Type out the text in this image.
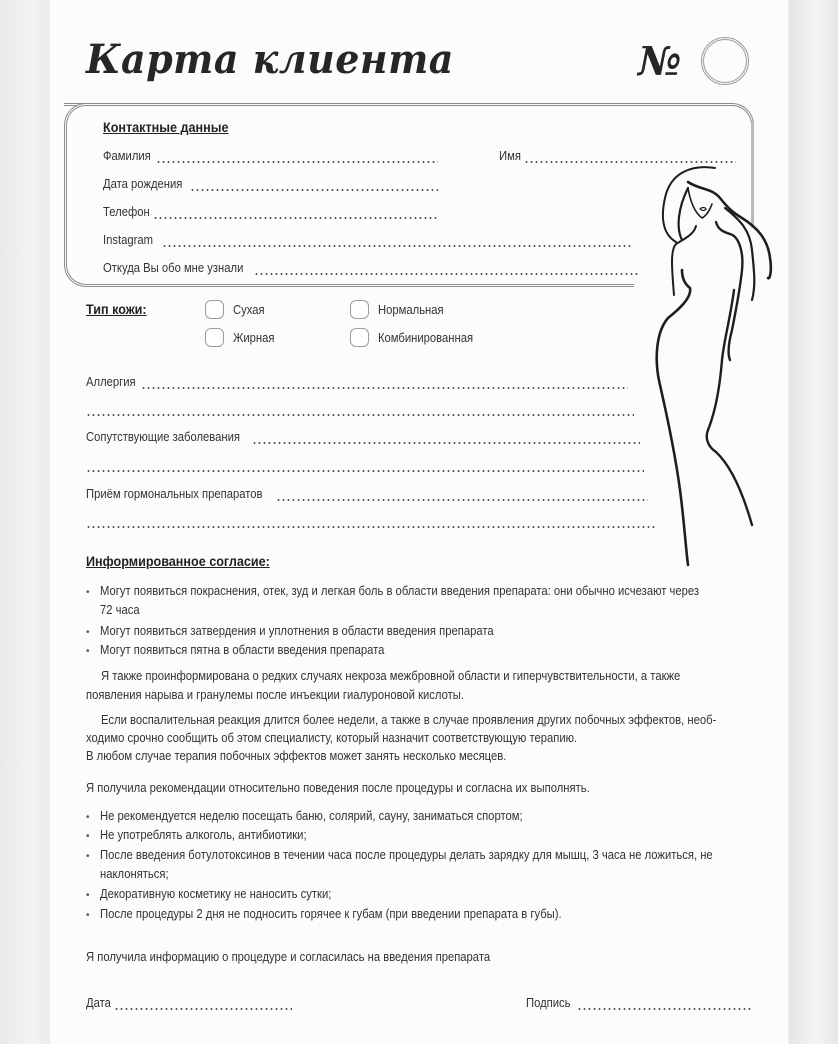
Карта клиента	№
Контактные данные
Фамилия	Имя
Дата рождения
Телефон
Instagram
Откуда Вы обо мне узнали
Тип кожи:	Сухая	Нормальная
Жирная	Комбинированная
Аллергия
Сопутствующие заболевания
Приём гормональных препаратов
Информированное согласие:
• Могут появиться покраснения, отек, зуд и легкая боль в области введения препарата: они обычно исчезают через
72 часа
• Могут появиться затвердения и уплотнения в области введения препарата
• Могут появиться пятна в области введения препарата
Я также проинформирована о редких случаях некроза межбровной области и гиперчувствительности, а также
появления нарыва и гранулемы после инъекции гиалуроновой кислоты.
Если воспалительная реакция длится более недели, а также в случае проявления других побочных эффектов, необ-
ходимо срочно сообщить об этом специалисту, который назначит соответствующую терапию.
В любом случае терапия побочных эффектов может занять несколько месяцев.
Я получила рекомендации относительно поведения после процедуры и согласна их выполнять.
• Не рекомендуется неделю посещать баню, солярий, сауну, заниматься спортом;
• Не употреблять алкоголь, антибиотики;
• После введения ботулотоксинов в течении часа после процедуры делать зарядку для мышц, 3 часа не ложиться, не
наклоняться;
• Декоративную косметику не наносить сутки;
• После процедуры 2 дня не подносить горячее к губам (при введении препарата в губы).
Я получила информацию о процедуре и согласилась на введения препарата
Дата	Подпись
